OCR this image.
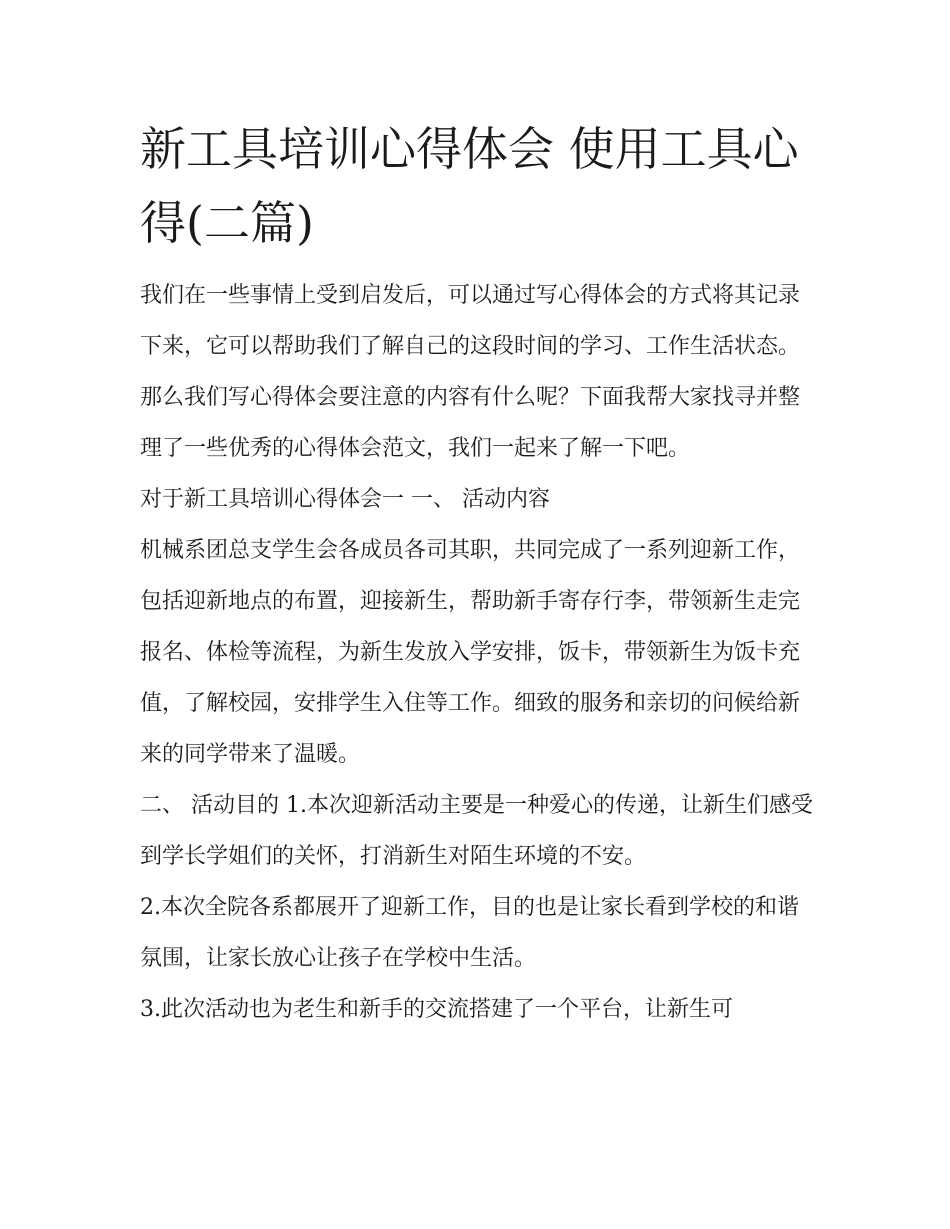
新工具培训心得体会 使用工具心得(二篇)

我们在一些事情上受到启发后，可以通过写心得体会的方式将其记录下来，它可以帮助我们了解自己的这段时间的学习、工作生活状态。那么我们写心得体会要注意的内容有什么呢？下面我帮大家找寻并整理了一些优秀的心得体会范文，我们一起来了解一下吧。

对于新工具培训心得体会一 一、 活动内容

机械系团总支学生会各成员各司其职，共同完成了一系列迎新工作，包括迎新地点的布置，迎接新生，帮助新手寄存行李，带领新生走完报名、体检等流程，为新生发放入学安排，饭卡，带领新生为饭卡充值，了解校园，安排学生入住等工作。细致的服务和亲切的问候给新来的同学带来了温暖。

二、 活动目的 1.本次迎新活动主要是一种爱心的传递，让新生们感受到学长学姐们的关怀，打消新生对陌生环境的不安。

2.本次全院各系都展开了迎新工作，目的也是让家长看到学校的和谐氛围，让家长放心让孩子在学校中生活。

3.此次活动也为老生和新手的交流搭建了一个平台，让新生可
